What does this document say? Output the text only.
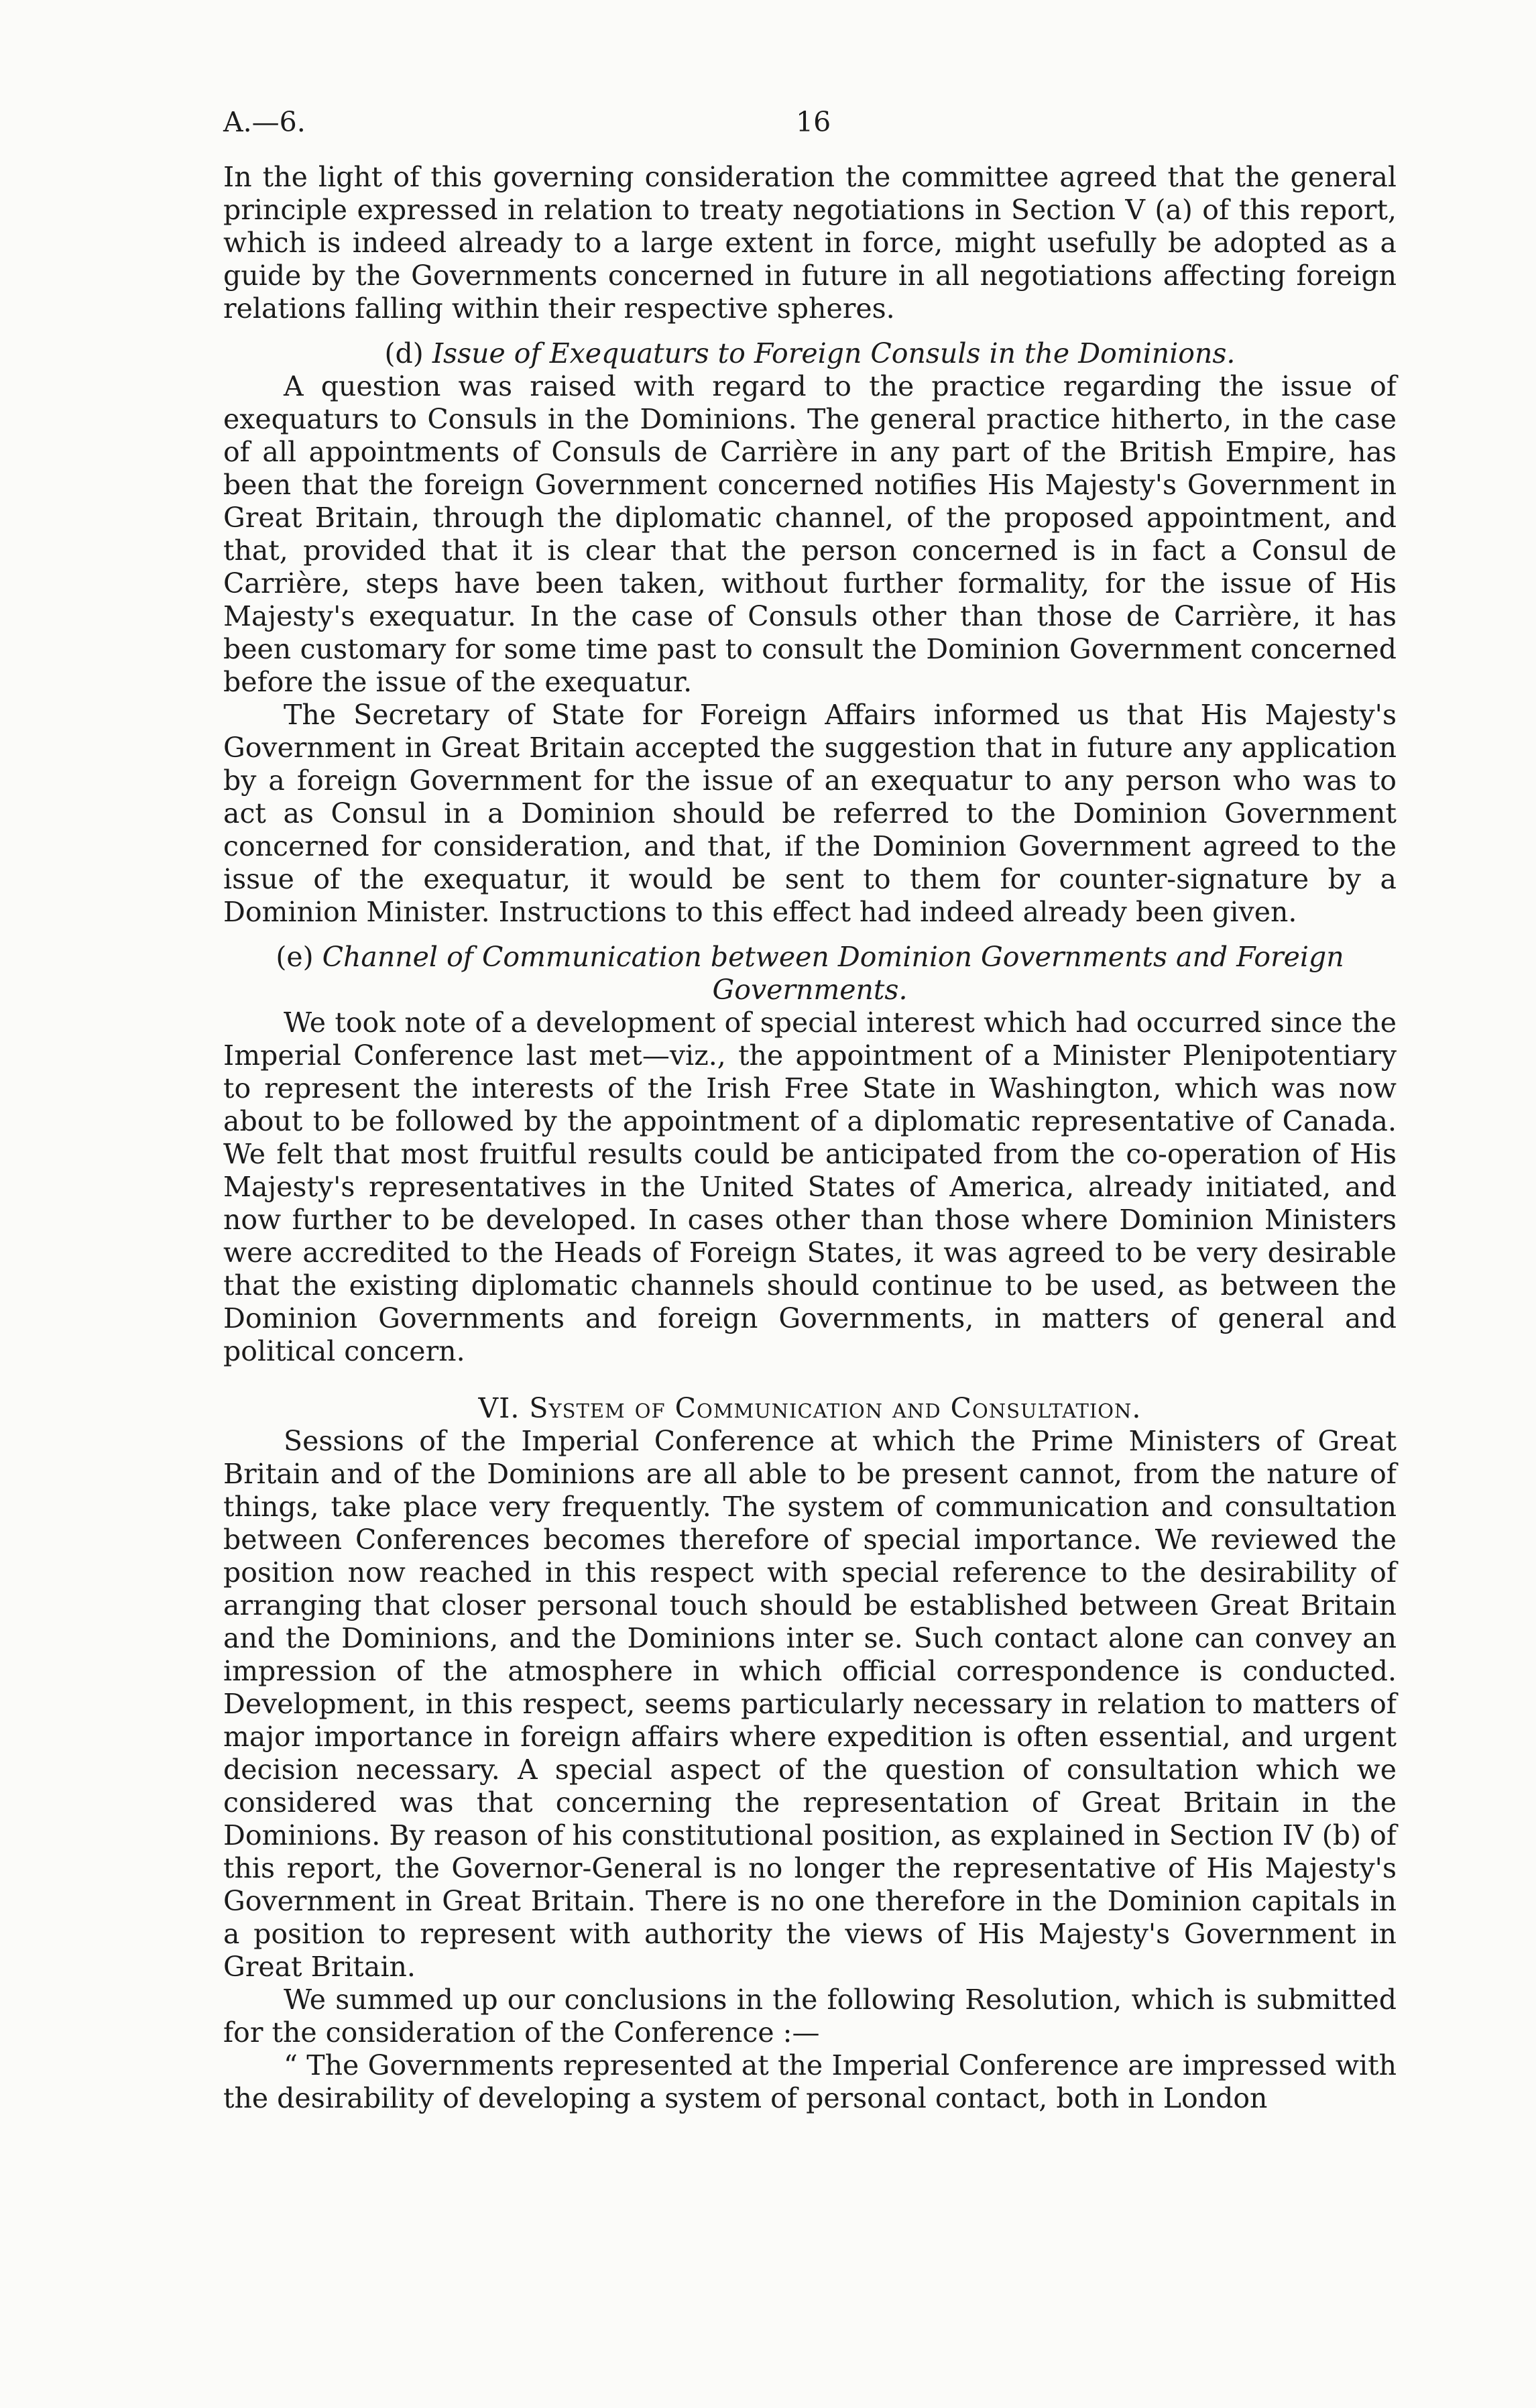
A.—6.	16

In the light of this governing consideration the committee agreed that the general principle expressed in relation to treaty negotiations in Section V (a) of this report, which is indeed already to a large extent in force, might usefully be adopted as a guide by the Governments concerned in future in all negotiations affecting foreign relations falling within their respective spheres.

(d) Issue of Exequaturs to Foreign Consuls in the Dominions.

A question was raised with regard to the practice regarding the issue of exequaturs to Consuls in the Dominions. The general practice hitherto, in the case of all appointments of Consuls de Carrière in any part of the British Empire, has been that the foreign Government concerned notifies His Majesty's Government in Great Britain, through the diplomatic channel, of the proposed appointment, and that, provided that it is clear that the person concerned is in fact a Consul de Carrière, steps have been taken, without further formality, for the issue of His Majesty's exequatur. In the case of Consuls other than those de Carrière, it has been customary for some time past to consult the Dominion Government concerned before the issue of the exequatur.

The Secretary of State for Foreign Affairs informed us that His Majesty's Government in Great Britain accepted the suggestion that in future any application by a foreign Government for the issue of an exequatur to any person who was to act as Consul in a Dominion should be referred to the Dominion Government concerned for consideration, and that, if the Dominion Government agreed to the issue of the exequatur, it would be sent to them for counter-signature by a Dominion Minister. Instructions to this effect had indeed already been given.

(e) Channel of Communication between Dominion Governments and Foreign Governments.

We took note of a development of special interest which had occurred since the Imperial Conference last met—viz., the appointment of a Minister Plenipotentiary to represent the interests of the Irish Free State in Washington, which was now about to be followed by the appointment of a diplomatic representative of Canada. We felt that most fruitful results could be anticipated from the co-operation of His Majesty's representatives in the United States of America, already initiated, and now further to be developed. In cases other than those where Dominion Ministers were accredited to the Heads of Foreign States, it was agreed to be very desirable that the existing diplomatic channels should continue to be used, as between the Dominion Governments and foreign Governments, in matters of general and political concern.

VI. System of Communication and Consultation.

Sessions of the Imperial Conference at which the Prime Ministers of Great Britain and of the Dominions are all able to be present cannot, from the nature of things, take place very frequently. The system of communication and consultation between Conferences becomes therefore of special importance. We reviewed the position now reached in this respect with special reference to the desirability of arranging that closer personal touch should be established between Great Britain and the Dominions, and the Dominions inter se. Such contact alone can convey an impression of the atmosphere in which official correspondence is conducted. Development, in this respect, seems particularly necessary in relation to matters of major importance in foreign affairs where expedition is often essential, and urgent decision necessary. A special aspect of the question of consultation which we considered was that concerning the representation of Great Britain in the Dominions. By reason of his constitutional position, as explained in Section IV (b) of this report, the Governor-General is no longer the representative of His Majesty's Government in Great Britain. There is no one therefore in the Dominion capitals in a position to represent with authority the views of His Majesty's Government in Great Britain.

We summed up our conclusions in the following Resolution, which is submitted for the consideration of the Conference :—

“ The Governments represented at the Imperial Conference are impressed with the desirability of developing a system of personal contact, both in London
